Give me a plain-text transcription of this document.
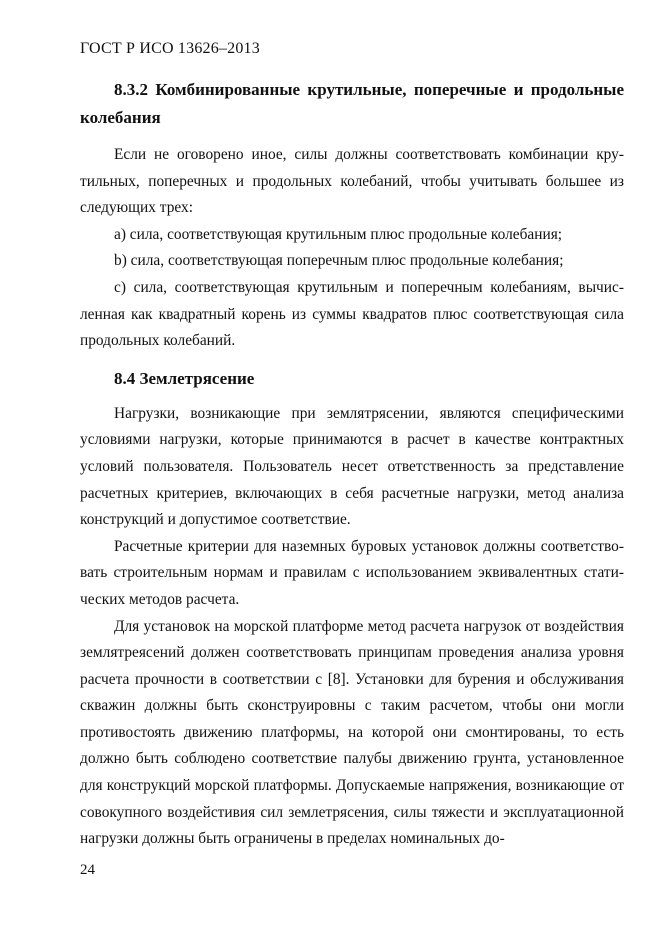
ГОСТ Р ИСО 13626–2013
8.3.2 Комбинированные крутильные, поперечные и продольные колебания

Если не оговорено иное, силы должны соответствовать комбинации крутильных, поперечных и продольных колебаний, чтобы учитывать большее из следующих трех:

а) сила, соответствующая крутильным плюс продольные колебания;

b) сила, соответствующая поперечным плюс продольные колебания;

с) сила, соответствующая крутильным и поперечным колебаниям, вычисленная как квадратный корень из суммы квадратов плюс соответствующая сила продольных колебаний.

8.4 Землетрясение

Нагрузки, возникающие при землятрясении, являются специфическими условиями нагрузки, которые принимаются в расчет в качестве контрактных условий пользователя. Пользователь несет ответственность за представление расчетных критериев, включающих в себя расчетные нагрузки, метод анализа конструкций и допустимое соответствие.

Расчетные критерии для наземных буровых установок должны соответствовать строительным нормам и правилам с использованием эквивалентных статических методов расчета.

Для установок на морской платформе метод расчета нагрузок от воздействия землятреясений должен соответствовать принципам проведения анализа уровня расчета прочности в соответствии с [8]. Установки для бурения и обслуживания скважин должны быть сконструировны с таким расчетом, чтобы они могли противостоять движению платформы, на которой они смонтированы, то есть должно быть соблюдено соответствие палубы движению грунта, установленное для конструкций морской платформы. Допускаемые напряжения, возникающие от совокупного воздейстивия сил землетрясения, силы тяжести и эксплуатационной нагрузки должны быть ограничены в пределах номинальных до-

24
